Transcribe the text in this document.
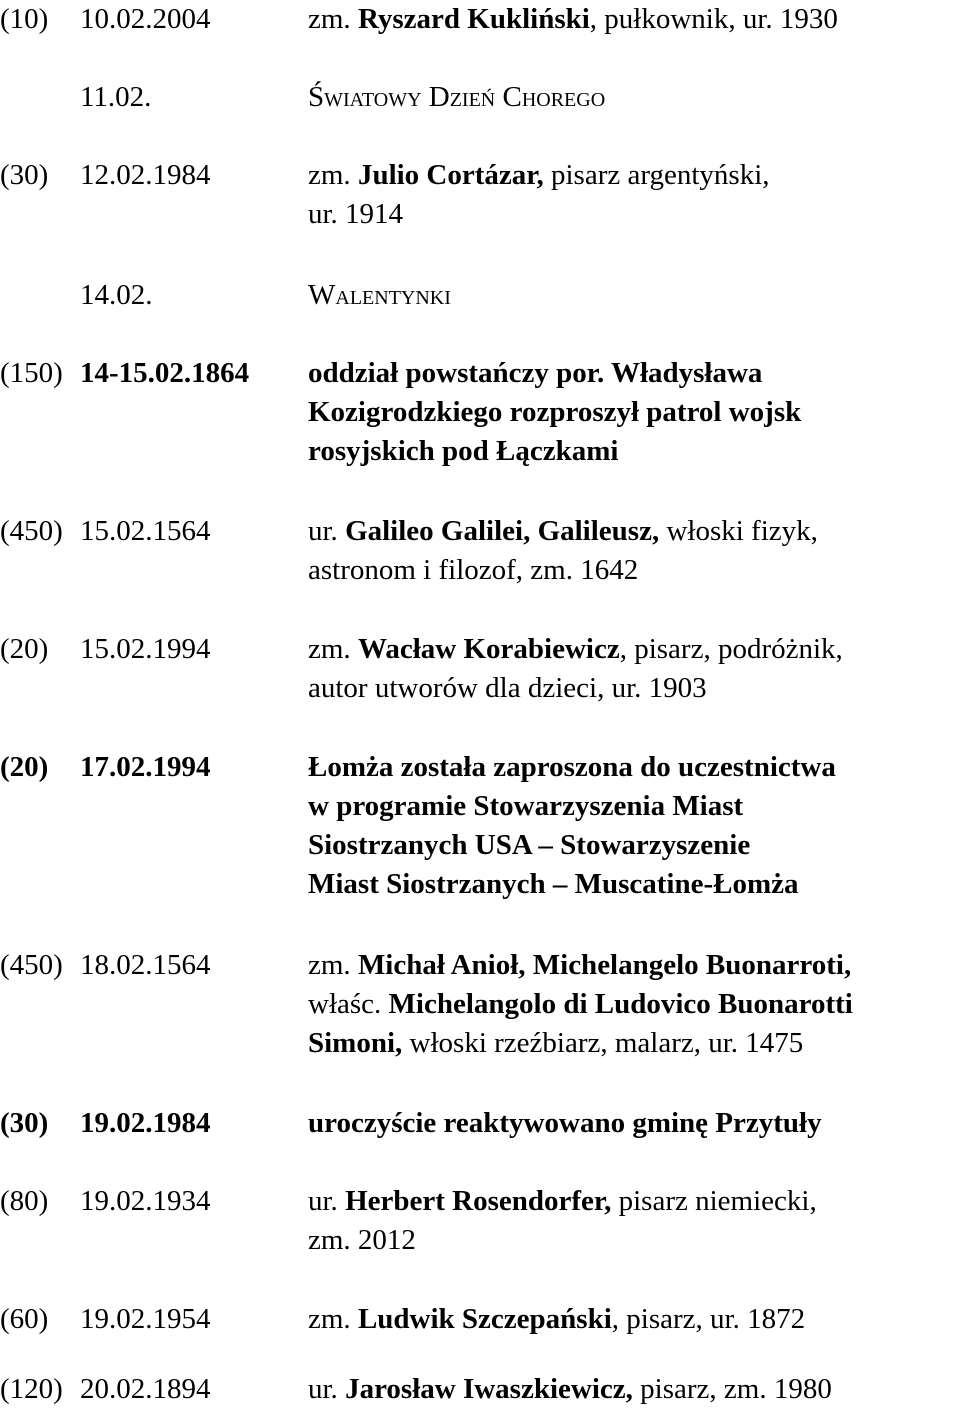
(10) 10.02.2004	zm. Ryszard Kukliński, pułkownik, ur. 1930
11.02.	Światowy Dzień Chorego
(30) 12.02.1984	zm. Julio Cortázar, pisarz argentyński,
ur. 1914
14.02.	Walentynki
(150) 14-15.02.1864 oddział powstańczy por. Władysława
Kozigrodzkiego rozproszył patrol wojsk
rosyjskich pod Łączkami
(450) 15.02.1564	ur. Galileo Galilei, Galileusz, włoski fizyk,
astronom i filozof, zm. 1642
(20) 15.02.1994	zm. Wacław Korabiewicz, pisarz, podróżnik,
autor utworów dla dzieci, ur. 1903
(20) 17.02.1994	Łomża została zaproszona do uczestnictwa
w programie Stowarzyszenia Miast
Siostrzanych USA – Stowarzyszenie
Miast Siostrzanych – Muscatine-Łomża
(450) 18.02.1564	zm. Michał Anioł, Michelangelo Buonarroti,
właśc. Michelangolo di Ludovico Buonarotti
Simoni, włoski rzeźbiarz, malarz, ur. 1475
(30) 19.02.1984	uroczyście reaktywowano gminę Przytuły
(80) 19.02.1934	ur. Herbert Rosendorfer, pisarz niemiecki,
zm. 2012
(60) 19.02.1954	zm. Ludwik Szczepański, pisarz, ur. 1872
(120) 20.02.1894	ur. Jarosław Iwaszkiewicz, pisarz, zm. 1980
